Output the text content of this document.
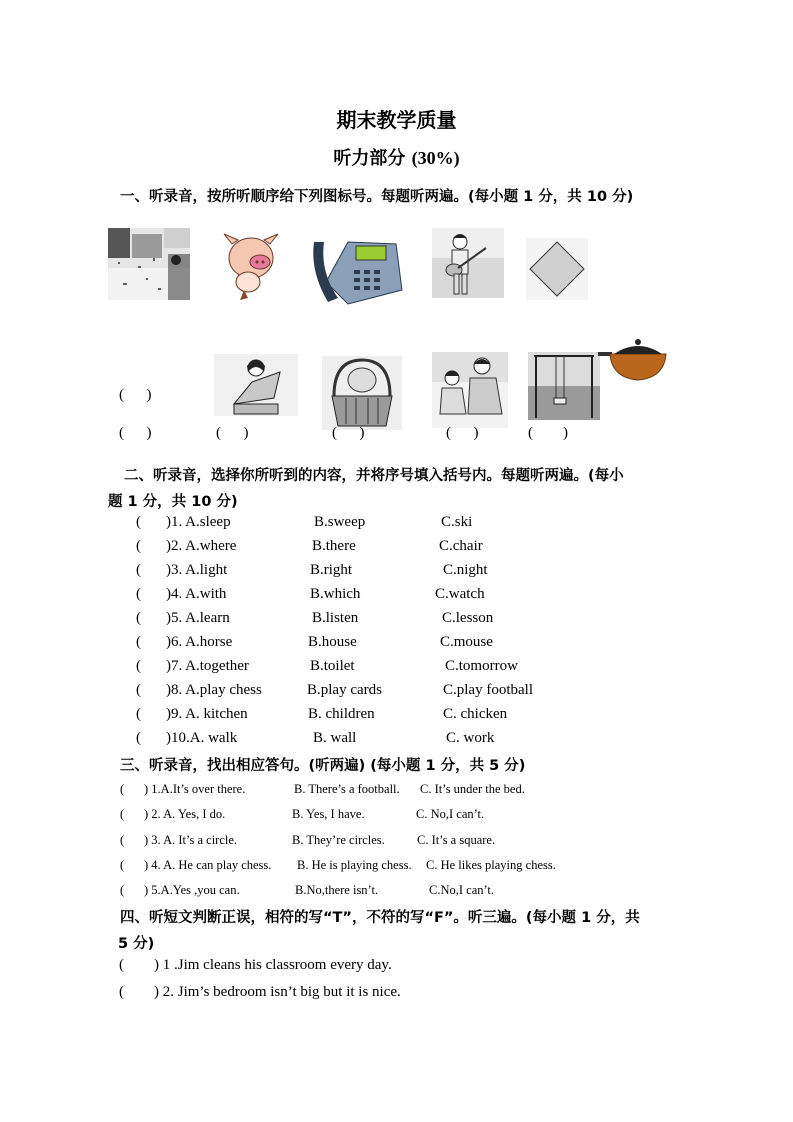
期末教学质量
听力部分 (30%)
一、听录音，按所听顺序给下列图标号。每题听两遍。(每小题 1 分，共 10 分)
(      )
(      )	(      )	(      )	(      )	(        )
二、听录音，选择你所听到的内容，并将序号填入括号内。每题听两遍。(每小
题 1 分，共 10 分)
( )1. A.sleep	B.sweep	C.ski
( )2. A.where	B.there	C.chair
( )3. A.light	B.right	C.night
( )4. A.with	B.which	C.watch
( )5. A.learn	B.listen	C.lesson
( )6. A.horse	B.house	C.mouse
( )7. A.together	B.toilet	C.tomorrow
( )8. A.play chess	B.play cards	C.play football
( )9. A. kitchen	B. children	C. chicken
( )10.A. walk	B. wall	C. work
三、听录音，找出相应答句。(听两遍) (每小题 1 分，共 5 分)
( ) 1.A.It’s over there.	B. There’s a football. C. It’s under the bed.
( ) 2. A. Yes, I do.	B. Yes, I have.	C. No,I can’t.
( ) 3. A. It’s a circle.	B. They’re circles.	C. It’s a square.
( ) 4. A. He can play chess. B. He is playing chess. C. He likes playing chess.
( ) 5.A.Yes ,you can.	B.No,there isn’t.	C.No,I can’t.
四、听短文判断正误，相符的写“T”，不符的写“F”。听三遍。(每小题 1 分，共
5 分)
(        ) 1 .Jim cleans his classroom every day.
(        ) 2. Jim’s bedroom isn’t big but it is nice.
